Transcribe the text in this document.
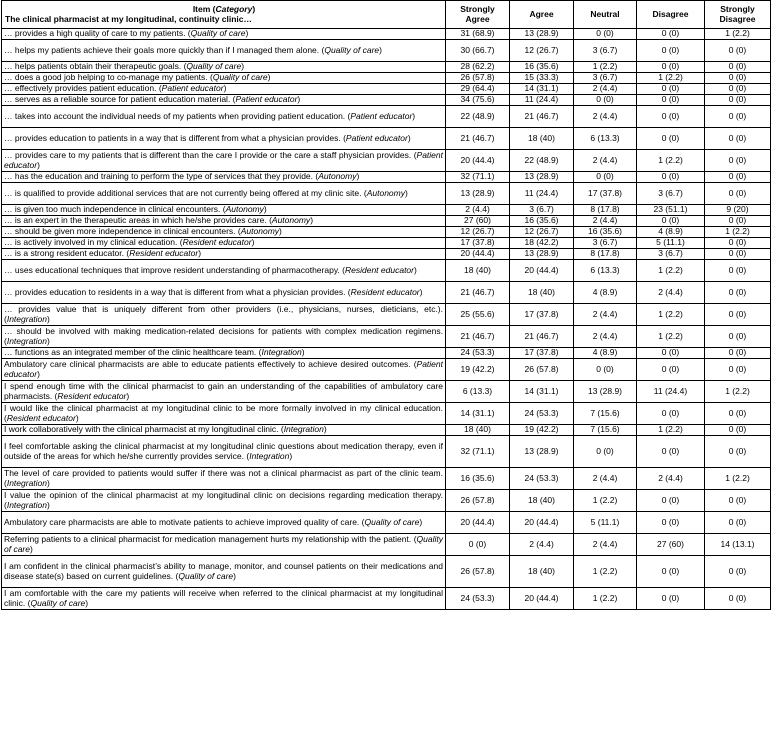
Item (Category)
The clinical pharmacist at my longitudinal, continuity clinic…	Strongly Agree	Agree	Neutral	Disagree	Strongly Disagree
… provides a high quality of care to my patients. (Quality of care)	31 (68.9)	13 (28.9)	0 (0)	0 (0)	1 (2.2)
… helps my patients achieve their goals more quickly than if I managed them alone. (Quality of care)	30 (66.7)	12 (26.7)	3 (6.7)	0 (0)	0 (0)
… helps patients obtain their therapeutic goals. (Quality of care)	28 (62.2)	16 (35.6)	1 (2.2)	0 (0)	0 (0)
… does a good job helping to co-manage my patients. (Quality of care)	26 (57.8)	15 (33.3)	3 (6.7)	1 (2.2)	0 (0)
… effectively provides patient education. (Patient educator)	29 (64.4)	14 (31.1)	2 (4.4)	0 (0)	0 (0)
… serves as a reliable source for patient education material. (Patient educator)	34 (75.6)	11 (24.4)	0 (0)	0 (0)	0 (0)
… takes into account the individual needs of my patients when providing patient education. (Patient educator)	22 (48.9)	21 (46.7)	2 (4.4)	0 (0)	0 (0)
… provides education to patients in a way that is different from what a physician provides. (Patient educator)	21 (46.7)	18 (40)	6 (13.3)	0 (0)	0 (0)
… provides care to my patients that is different than the care I provide or the care a staff physician provides. (Patient educator)	20 (44.4)	22 (48.9)	2 (4.4)	1 (2.2)	0 (0)
… has the education and training to perform the type of services that they provide. (Autonomy)	32 (71.1)	13 (28.9)	0 (0)	0 (0)	0 (0)
… is qualified to provide additional services that are not currently being offered at my clinic site. (Autonomy)	13 (28.9)	11 (24.4)	17 (37.8)	3 (6.7)	0 (0)
… is given too much independence in clinical encounters. (Autonomy)	2 (4.4)	3 (6.7)	8 (17.8)	23 (51.1)	9 (20)
… is an expert in the therapeutic areas in which he/she provides care. (Autonomy)	27 (60)	16 (35.6)	2 (4.4)	0 (0)	0 (0)
… should be given more independence in clinical encounters. (Autonomy)	12 (26.7)	12 (26.7)	16 (35.6)	4 (8.9)	1 (2.2)
… is actively involved in my clinical education. (Resident educator)	17 (37.8)	18 (42.2)	3 (6.7)	5 (11.1)	0 (0)
… is a strong resident educator. (Resident educator)	20 (44.4)	13 (28.9)	8 (17.8)	3 (6.7)	0 (0)
… uses educational techniques that improve resident understanding of pharmacotherapy. (Resident educator)	18 (40)	20 (44.4)	6 (13.3)	1 (2.2)	0 (0)
… provides education to residents in a way that is different from what a physician provides. (Resident educator)	21 (46.7)	18 (40)	4 (8.9)	2 (4.4)	0 (0)
… provides value that is uniquely different from other providers (i.e., physicians, nurses, dieticians, etc.). (Integration)	25 (55.6)	17 (37.8)	2 (4.4)	1 (2.2)	0 (0)
… should be involved with making medication-related decisions for patients with complex medication regimens. (Integration)	21 (46.7)	21 (46.7)	2 (4.4)	1 (2.2)	0 (0)
… functions as an integrated member of the clinic healthcare team. (Integration)	24 (53.3)	17 (37.8)	4 (8.9)	0 (0)	0 (0)
Ambulatory care clinical pharmacists are able to educate patients effectively to achieve desired outcomes. (Patient educator)	19 (42.2)	26 (57.8)	0 (0)	0 (0)	0 (0)
I spend enough time with the clinical pharmacist to gain an understanding of the capabilities of ambulatory care pharmacists. (Resident educator)	6 (13.3)	14 (31.1)	13 (28.9)	11 (24.4)	1 (2.2)
I would like the clinical pharmacist at my longitudinal clinic to be more formally involved in my clinical education. (Resident educator)	14 (31.1)	24 (53.3)	7 (15.6)	0 (0)	0 (0)
I work collaboratively with the clinical pharmacist at my longitudinal clinic. (Integration)	18 (40)	19 (42.2)	7 (15.6)	1 (2.2)	0 (0)
I feel comfortable asking the clinical pharmacist at my longitudinal clinic questions about medication therapy, even if outside of the areas for which he/she currently provides service. (Integration)	32 (71.1)	13 (28.9)	0 (0)	0 (0)	0 (0)
The level of care provided to patients would suffer if there was not a clinical pharmacist as part of the clinic team. (Integration)	16 (35.6)	24 (53.3)	2 (4.4)	2 (4.4)	1 (2.2)
I value the opinion of the clinical pharmacist at my longitudinal clinic on decisions regarding medication therapy. (Integration)	26 (57.8)	18 (40)	1 (2.2)	0 (0)	0 (0)
Ambulatory care pharmacists are able to motivate patients to achieve improved quality of care. (Quality of care)	20 (44.4)	20 (44.4)	5 (11.1)	0 (0)	0 (0)
Referring patients to a clinical pharmacist for medication management hurts my relationship with the patient. (Quality of care)	0 (0)	2 (4.4)	2 (4.4)	27 (60)	14 (13.1)
I am confident in the clinical pharmacist’s ability to manage, monitor, and counsel patients on their medications and disease state(s) based on current guidelines. (Quality of care)	26 (57.8)	18 (40)	1 (2.2)	0 (0)	0 (0)
I am comfortable with the care my patients will receive when referred to the clinical pharmacist at my longitudinal clinic. (Quality of care)	24 (53.3)	20 (44.4)	1 (2.2)	0 (0)	0 (0)
